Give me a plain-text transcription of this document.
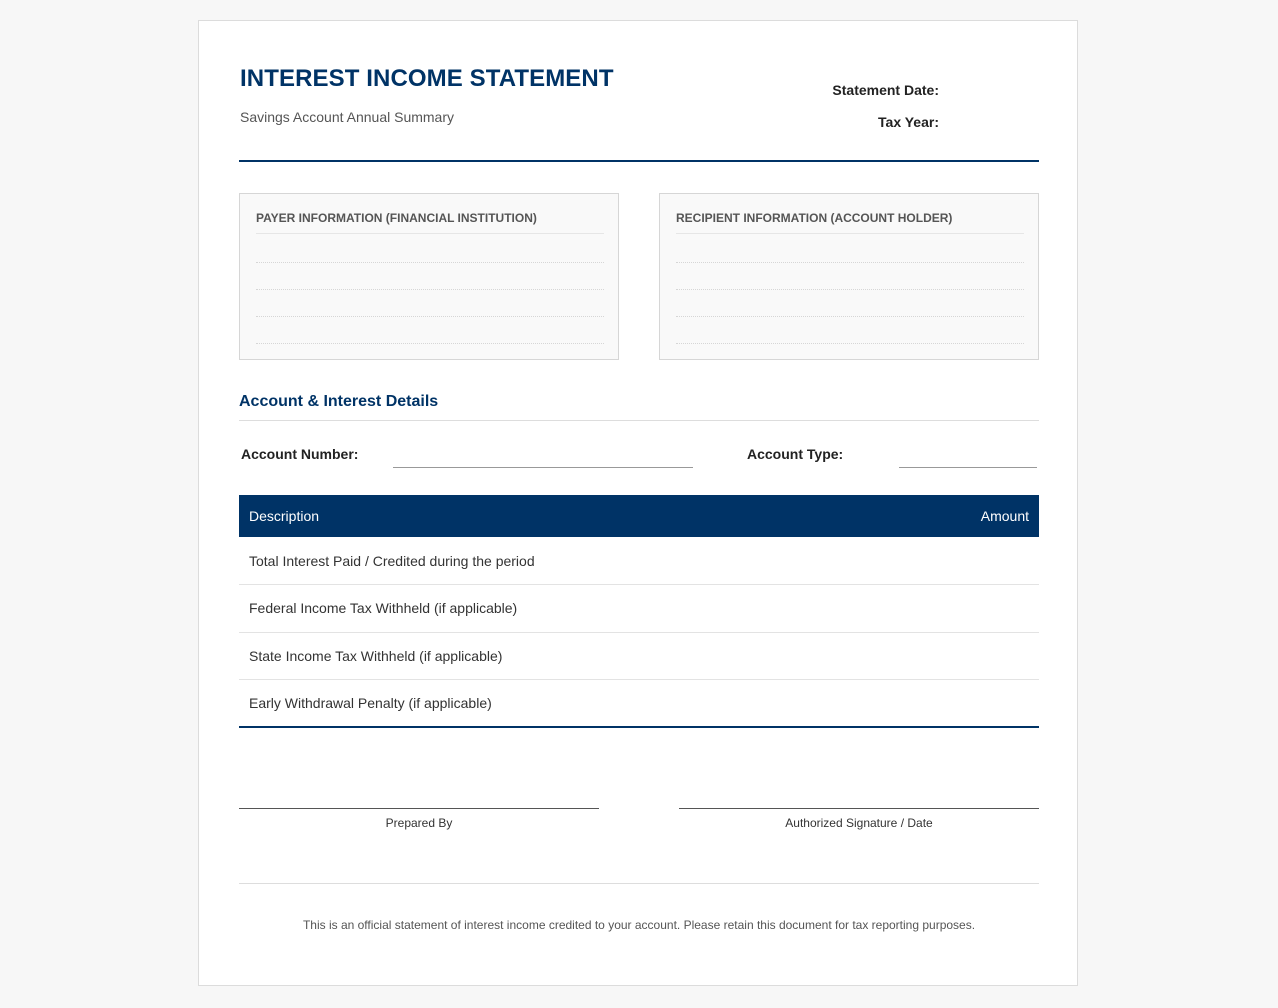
INTEREST INCOME STATEMENT
Savings Account Annual Summary
Statement Date:
Tax Year:
PAYER INFORMATION (FINANCIAL INSTITUTION)	RECIPIENT INFORMATION (ACCOUNT HOLDER)
Account & Interest Details
Account Number:	Account Type:
Description	Amount
Total Interest Paid / Credited during the period	
Federal Income Tax Withheld (if applicable)	
State Income Tax Withheld (if applicable)	
Early Withdrawal Penalty (if applicable)	
Prepared By	Authorized Signature / Date
This is an official statement of interest income credited to your account. Please retain this document for tax reporting purposes.
